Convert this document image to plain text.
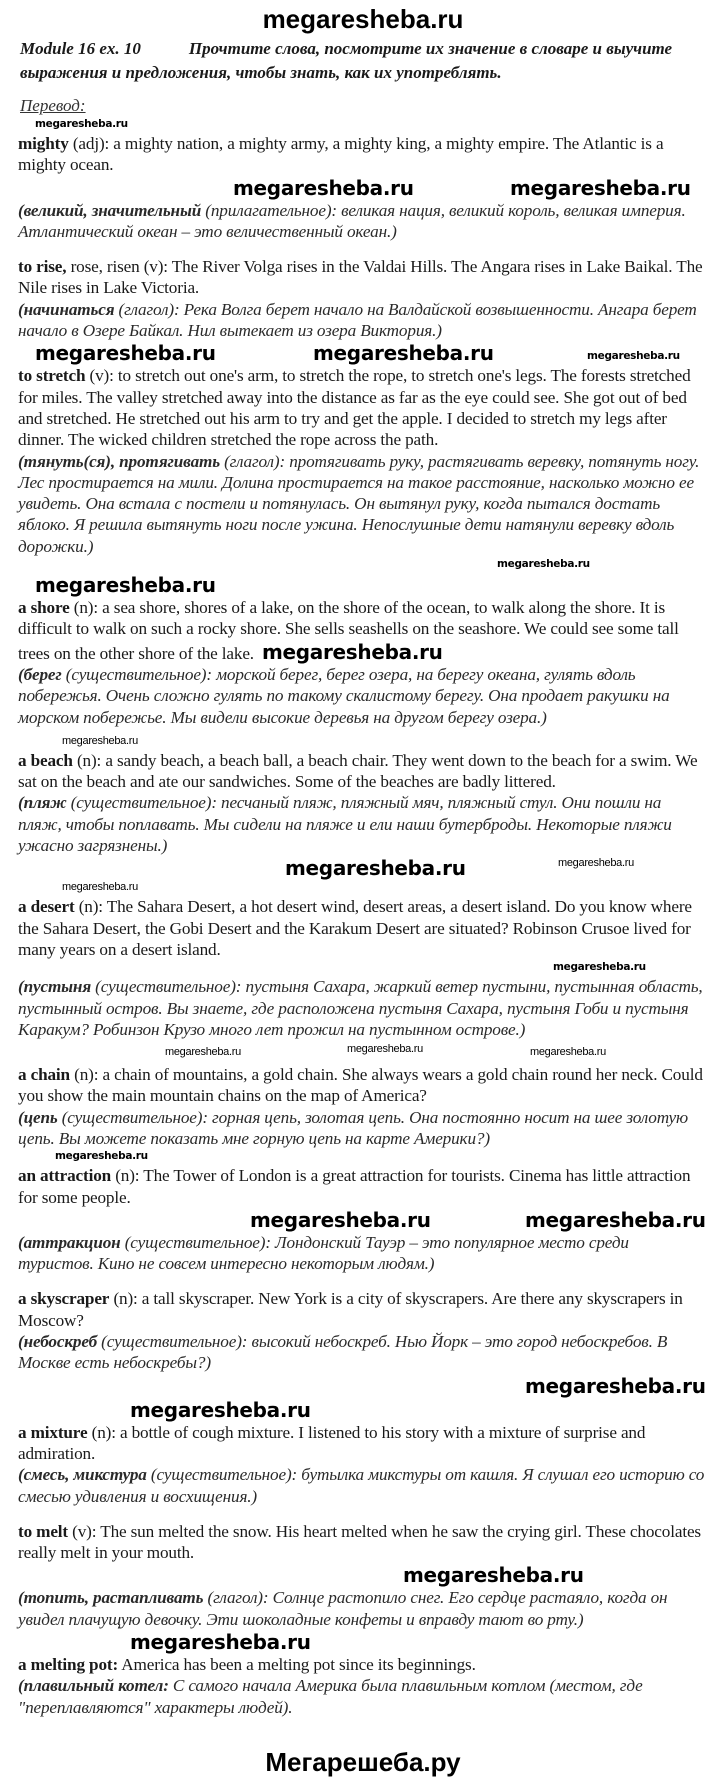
megaresheba.ru
Module 16 ex. 10	Прочтите слова, посмотрите их значение в словаре и выучите выражения и предложения, чтобы знать, как их употреблять.
Перевод:
megaresheba.ru
mighty (adj): a mighty nation, a mighty army, a mighty king, a mighty empire. The Atlantic is a mighty ocean.
megaresheba.ru	megaresheba.ru
(великий, значительный (прилагательное): великая нация, великий король, великая империя. Атлантический океан – это величественный океан.)
to rise, rose, risen (v): The River Volga rises in the Valdai Hills. The Angara rises in Lake Baikal. The Nile rises in Lake Victoria.
(начинаться (глагол): Река Волга берет начало на Валдайской возвышенности. Ангара берет начало в Озере Байкал. Нил вытекает из озера Виктория.)
megaresheba.ru	megaresheba.ru	megaresheba.ru
to stretch (v): to stretch out one's arm, to stretch the rope, to stretch one's legs. The forests stretched for miles. The valley stretched away into the distance as far as the eye could see. She got out of bed and stretched. He stretched out his arm to try and get the apple. I decided to stretch my legs after dinner. The wicked children stretched the rope across the path.
(тянуть(ся), протягивать (глагол): протягивать руку, растягивать веревку, потянуть ногу. Лес простирается на мили. Долина простирается на такое расстояние, насколько можно ее увидеть. Она встала с постели и потянулась. Он вытянул руку, когда пытался достать яблоко. Я решила вытянуть ноги после ужина. Непослушные дети натянули веревку вдоль дорожки.)
megaresheba.ru
megaresheba.ru
a shore (n): a sea shore, shores of a lake, on the shore of the ocean, to walk along the shore. It is difficult to walk on such a rocky shore. She sells seashells on the seashore. We could see some tall trees on the other shore of the lake. megaresheba.ru
(берег (существительное): морской берег, берег озера, на берегу океана, гулять вдоль побережья. Очень сложно гулять по такому скалистому берегу. Она продает ракушки на морском побережье. Мы видели высокие деревья на другом берегу озера.)
megaresheba.ru
a beach (n): a sandy beach, a beach ball, a beach chair. They went down to the beach for a swim. We sat on the beach and ate our sandwiches. Some of the beaches are badly littered.
(пляж (существительное): песчаный пляж, пляжный мяч, пляжный стул. Они пошли на пляж, чтобы поплавать. Мы сидели на пляже и ели наши бутерброды. Некоторые пляжи ужасно загрязнены.)
megaresheba.ru	megaresheba.ru
megaresheba.ru
a desert (n): The Sahara Desert, a hot desert wind, desert areas, a desert island. Do you know where the Sahara Desert, the Gobi Desert and the Karakum Desert are situated? Robinson Crusoe lived for many years on a desert island.
megaresheba.ru
(пустыня (существительное): пустыня Сахара, жаркий ветер пустыни, пустынная область, пустынный остров. Вы знаете, где расположена пустыня Сахара, пустыня Гоби и пустыня Каракум? Робинзон Крузо много лет прожил на пустынном острове.)
megaresheba.ru	megaresheba.ru	megaresheba.ru
a chain (n): a chain of mountains, a gold chain. She always wears a gold chain round her neck. Could you show the main mountain chains on the map of America?
(цепь (существительное): горная цепь, золотая цепь. Она постоянно носит на шее золотую цепь. Вы можете показать мне горную цепь на карте Америки?)
megaresheba.ru
an attraction (n): The Tower of London is a great attraction for tourists. Cinema has little attraction for some people.
megaresheba.ru	megaresheba.ru
(аттракцион (существительное): Лондонский Тауэр – это популярное место среди туристов. Кино не совсем интересно некоторым людям.)
a skyscraper (n): a tall skyscraper. New York is a city of skyscrapers. Are there any skyscrapers in Moscow?
(небоскреб (существительное): высокий небоскреб. Нью Йорк – это город небоскребов. В Москве есть небоскребы?)
megaresheba.ru
megaresheba.ru
a mixture (n): a bottle of cough mixture. I listened to his story with a mixture of surprise and admiration.
(смесь, микстура (существительное): бутылка микстуры от кашля. Я слушал его историю со смесью удивления и восхищения.)
to melt (v): The sun melted the snow. His heart melted when he saw the crying girl. These chocolates really melt in your mouth.
megaresheba.ru
(топить, растапливать (глагол): Солнце растопило снег. Его сердце растаяло, когда он увидел плачущую девочку. Эти шоколадные конфеты и вправду тают во рту.)
megaresheba.ru
a melting pot: America has been a melting pot since its beginnings.
(плавильный котел: С самого начала Америка была плавильным котлом (местом, где "переплавляются" характеры людей).
Мегарешеба.ру
